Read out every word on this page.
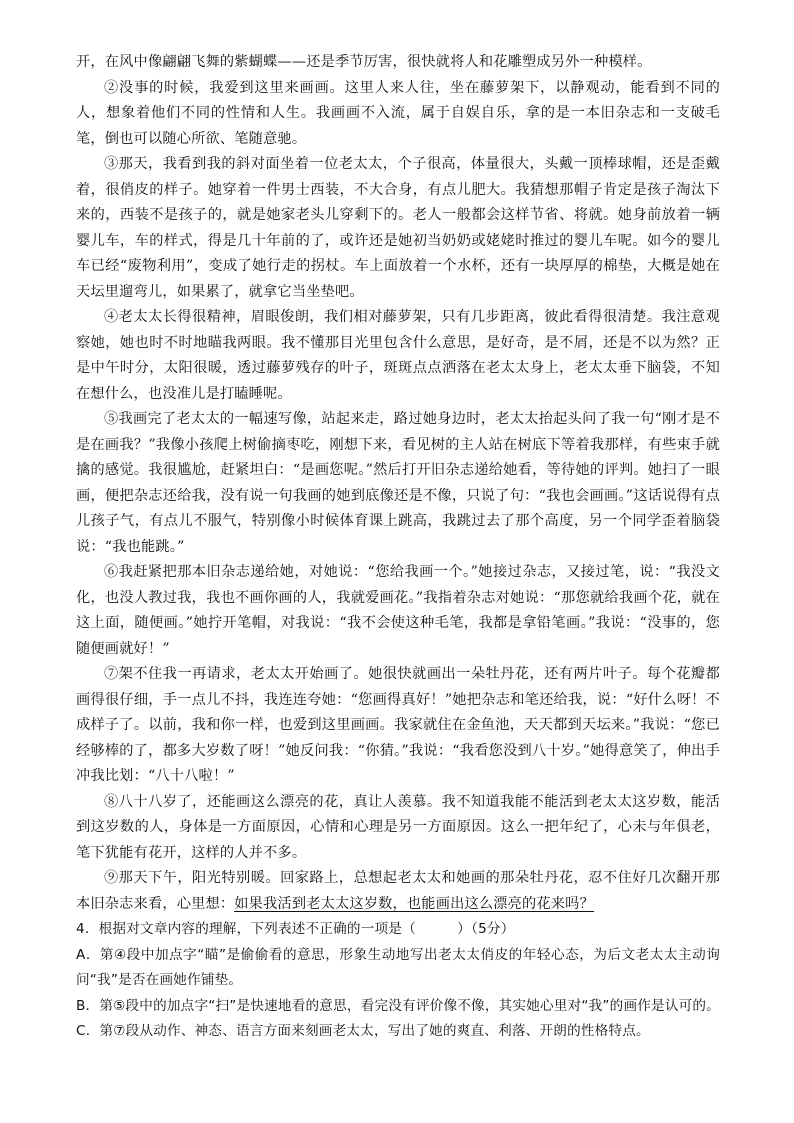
开，在风中像翩翩飞舞的紫蝴蝶——还是季节厉害，很快就将人和花雕塑成另外一种模样。

②没事的时候，我爱到这里来画画。这里人来人往，坐在藤萝架下，以静观动，能看到不同的人，想象着他们不同的性情和人生。我画画不入流，属于自娱自乐，拿的是一本旧杂志和一支破毛笔，倒也可以随心所欲、笔随意驰。

③那天，我看到我的斜对面坐着一位老太太，个子很高，体量很大，头戴一顶棒球帽，还是歪戴着，很俏皮的样子。她穿着一件男士西装，不大合身，有点儿肥大。我猜想那帽子肯定是孩子淘汰下来的，西装不是孩子的，就是她家老头儿穿剩下的。老人一般都会这样节省、将就。她身前放着一辆婴儿车，车的样式，得是几十年前的了，或许还是她初当奶奶或姥姥时推过的婴儿车呢。如今的婴儿车已经“废物利用”，变成了她行走的拐杖。车上面放着一个水杯，还有一块厚厚的棉垫，大概是她在天坛里遛弯儿，如果累了，就拿它当坐垫吧。

④老太太长得很精神，眉眼俊朗，我们相对藤萝架，只有几步距离，彼此看得很清楚。我注意观察她，她也时不时地瞄我两眼。我不懂那目光里包含什么意思，是好奇，是不屑，还是不以为然？正是中午时分，太阳很暖，透过藤萝残存的叶子，斑斑点点洒落在老太太身上，老太太垂下脑袋，不知在想什么，也没准儿是打瞌睡呢。

⑤我画完了老太太的一幅速写像，站起来走，路过她身边时，老太太抬起头问了我一句“刚才是不是在画我？”我像小孩爬上树偷摘枣吃，刚想下来，看见树的主人站在树底下等着我那样，有些束手就擒的感觉。我很尴尬，赶紧坦白：“是画您呢。”然后打开旧杂志递给她看，等待她的评判。她扫了一眼画，便把杂志还给我，没有说一句我画的她到底像还是不像，只说了句：“我也会画画。”这话说得有点儿孩子气，有点儿不服气，特别像小时候体育课上跳高，我跳过去了那个高度，另一个同学歪着脑袋说：“我也能跳。”

⑥我赶紧把那本旧杂志递给她，对她说：“您给我画一个。”她接过杂志，又接过笔，说：“我没文化，也没人教过我，我也不画你画的人，我就爱画花。”我指着杂志对她说：“那您就给我画个花，就在这上面，随便画。”她拧开笔帽，对我说：“我不会使这种毛笔，我都是拿铅笔画。”我说：“没事的，您随便画就好！”

⑦架不住我一再请求，老太太开始画了。她很快就画出一朵牡丹花，还有两片叶子。每个花瓣都画得很仔细，手一点儿不抖，我连连夸她：“您画得真好！”她把杂志和笔还给我，说：“好什么呀！不成样子了。以前，我和你一样，也爱到这里画画。我家就住在金鱼池，天天都到天坛来。”我说：“您已经够棒的了，都多大岁数了呀！”她反问我：“你猜。”我说：“我看您没到八十岁。”她得意笑了，伸出手冲我比划：“八十八啦！”

⑧八十八岁了，还能画这么漂亮的花，真让人羡慕。我不知道我能不能活到老太太这岁数，能活到这岁数的人，身体是一方面原因，心情和心理是另一方面原因。这么一把年纪了，心未与年俱老，笔下犹能有花开，这样的人并不多。

⑨那天下午，阳光特别暖。回家路上，总想起老太太和她画的那朵牡丹花，忍不住好几次翻开那本旧杂志来看，心里想：如果我活到老太太这岁数，也能画出这么漂亮的花来吗？

4．根据对文章内容的理解，下列表述不正确的一项是（　　　）（5分）

A．第④段中加点字“瞄”是偷偷看的意思，形象生动地写出老太太俏皮的年轻心态，为后文老太太主动询问“我”是否在画她作铺垫。

B．第⑤段中的加点字“扫”是快速地看的意思，看完没有评价像不像，其实她心里对“我”的画作是认可的。

C．第⑦段从动作、神态、语言方面来刻画老太太，写出了她的爽直、利落、开朗的性格特点。
